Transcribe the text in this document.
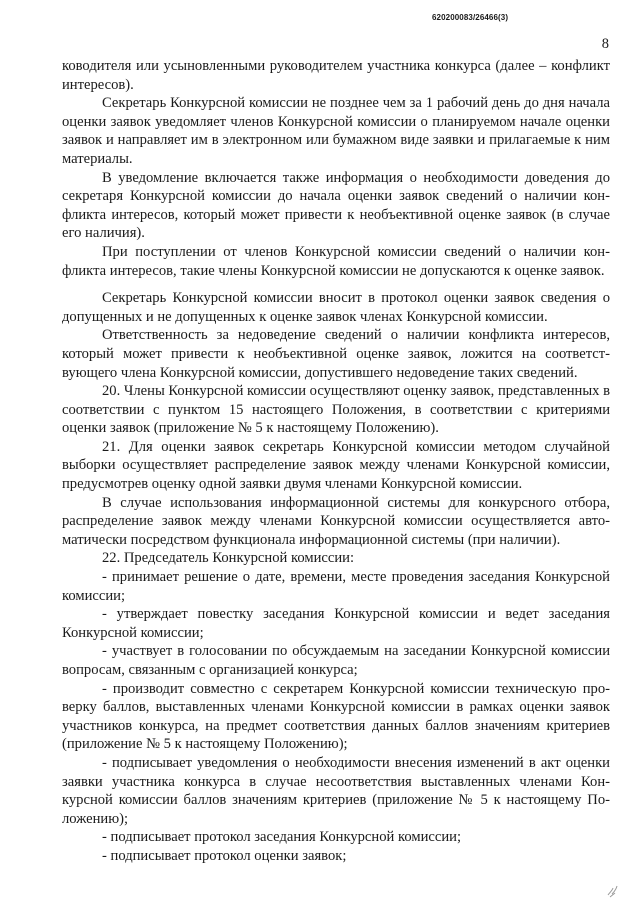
620200083/26466(3)
8

ководителя или усыновленными руководителем участника конкурса (далее – конфликт интересов).

Секретарь Конкурсной комиссии не позднее чем за 1 рабочий день до дня начала оценки заявок уведомляет членов Конкурсной комиссии о планируемом начале оценки заявок и направляет им в электронном или бумажном виде заявки и прилагаемые к ним материалы.

В уведомление включается также информация о необходимости доведения до секретаря Конкурсной комиссии до начала оценки заявок сведений о наличии конфликта интересов, который может привести к необъективной оценке заявок (в случае его наличия).

При поступлении от членов Конкурсной комиссии сведений о наличии конфликта интересов, такие члены Конкурсной комиссии не допускаются к оценке заявок.

Секретарь Конкурсной комиссии вносит в протокол оценки заявок сведения о допущенных и не допущенных к оценке заявок членах Конкурсной комиссии.

Ответственность за недоведение сведений о наличии конфликта интересов, который может привести к необъективной оценке заявок, ложится на соответствующего члена Конкурсной комиссии, допустившего недоведение таких сведений.

20. Члены Конкурсной комиссии осуществляют оценку заявок, представленных в соответствии с пунктом 15 настоящего Положения, в соответствии с критериями оценки заявок (приложение № 5 к настоящему Положению).

21. Для оценки заявок секретарь Конкурсной комиссии методом случайной выборки осуществляет распределение заявок между членами Конкурсной комиссии, предусмотрев оценку одной заявки двумя членами Конкурсной комиссии.

В случае использования информационной системы для конкурсного отбора, распределение заявок между членами Конкурсной комиссии осуществляется автоматически посредством функционала информационной системы (при наличии).

22. Председатель Конкурсной комиссии:

- принимает решение о дате, времени, месте проведения заседания Конкурсной комиссии;

- утверждает повестку заседания Конкурсной комиссии и ведет заседания Конкурсной комиссии;

- участвует в голосовании по обсуждаемым на заседании Конкурсной комиссии вопросам, связанным с организацией конкурса;

- производит совместно с секретарем Конкурсной комиссии техническую проверку баллов, выставленных членами Конкурсной комиссии в рамках оценки заявок участников конкурса, на предмет соответствия данных баллов значениям критериев (приложение № 5 к настоящему Положению);

- подписывает уведомления о необходимости внесения изменений в акт оценки заявки участника конкурса в случае несоответствия выставленных членами Конкурсной комиссии баллов значениям критериев (приложение № 5 к настоящему Положению);

- подписывает протокол заседания Конкурсной комиссии;

- подписывает протокол оценки заявок;
